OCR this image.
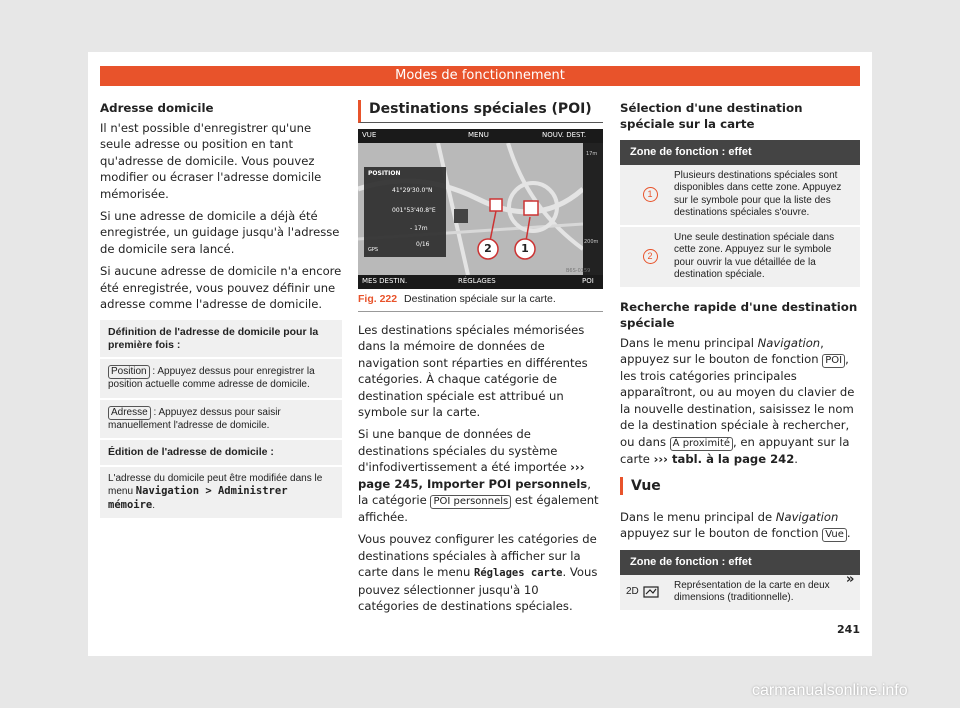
Modes de fonctionnement
Adresse domicile

Il n'est possible d'enregistrer qu'une seule adresse ou position en tant qu'adresse de domicile. Vous pouvez modifier ou écraser l'adresse domicile mémorisée.

Si une adresse de domicile a déjà été enregistrée, un guidage jusqu'à l'adresse de domicile sera lancé.

Si aucune adresse de domicile n'a encore été enregistrée, vous pouvez définir une adresse comme l'adresse de domicile.

Définition de l'adresse de domicile pour la première fois :
Position : Appuyez dessus pour enregistrer la position actuelle comme adresse de domicile.
Adresse : Appuyez dessus pour saisir manuellement l'adresse de domicile.
Édition de l'adresse de domicile :
L'adresse du domicile peut être modifiée dans le menu Navigation > Administrer mémoire.
Destinations spéciales (POI)
VUE	MENU	NOUV. DEST.
POSITION
41°29'30.0"N
001°53'40.8"E
- 17m
0/16
GPS
17m
200m
2	1
MES DESTIN.	RÉGLAGES	POI
B6S-0159
Fig. 222 Destination spéciale sur la carte.

Les destinations spéciales mémorisées dans la mémoire de données de navigation sont réparties en différentes catégories. À chaque catégorie de destination spéciale est attribué un symbole sur la carte.

Si une banque de données de destinations spéciales du système d'infodivertissement a été importée ››› page 245, Importer POI personnels, la catégorie POI personnels est également affichée.

Vous pouvez configurer les catégories de destinations spéciales à afficher sur la carte dans le menu Réglages carte. Vous pouvez sélectionner jusqu'à 10 catégories de destinations spéciales.

Sélection d'une destination spéciale sur la carte
Zone de fonction : effet
1
Plusieurs destinations spéciales sont disponibles dans cette zone. Appuyez sur le symbole pour que la liste des destinations spéciales s'ouvre.
2
Une seule destination spéciale dans cette zone. Appuyez sur le symbole pour ouvrir la vue détaillée de la destination spéciale.
Recherche rapide d'une destination spéciale

Dans le menu principal Navigation, appuyez sur le bouton de fonction POI , les trois catégories principales apparaîtront, ou au moyen du clavier de la nouvelle destination, saisissez le nom de la destination spéciale à rechercher, ou dans À proximité , en appuyant sur la carte ››› tabl. à la page 242.

Vue

Dans le menu principal de Navigation appuyez sur le bouton de fonction Vue .

Zone de fonction : effet
2D
Représentation de la carte en deux dimensions (traditionnelle).
»
241
carmanualsonline.info
